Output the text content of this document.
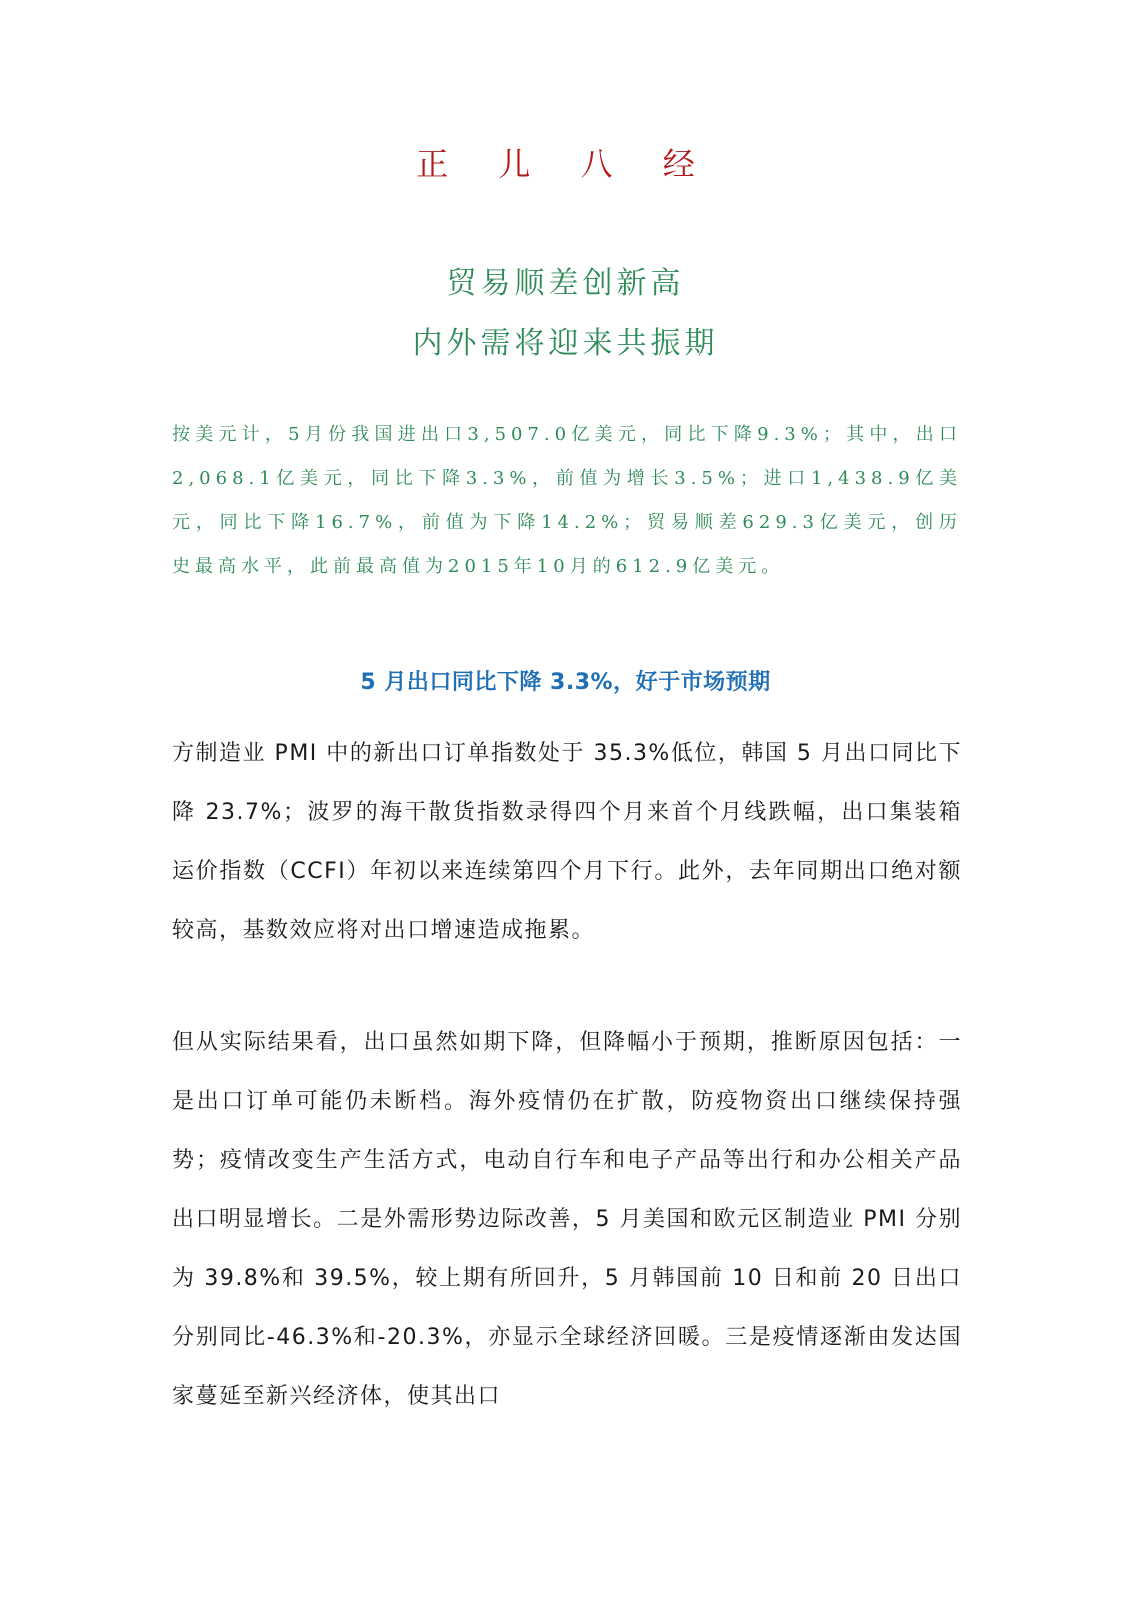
正 儿 八 经
贸易顺差创新高
内外需将迎来共振期
按美元计，5月份我国进出口3,507.0亿美元，同比下降9.3%；其中，出口2,068.1亿美元，同比下降3.3%，前值为增长3.5%；进口1,438.9亿美元，同比下降16.7%，前值为下降14.2%；贸易顺差629.3亿美元，创历史最高水平，此前最高值为2015年10月的612.9亿美元。
5 月出口同比下降 3.3%，好于市场预期
方制造业 PMI 中的新出口订单指数处于 35.3%低位，韩国 5 月出口同比下降 23.7%；波罗的海干散货指数录得四个月来首个月线跌幅，出口集装箱运价指数（CCFI）年初以来连续第四个月下行。此外，去年同期出口绝对额较高，基数效应将对出口增速造成拖累。
但从实际结果看，出口虽然如期下降，但降幅小于预期，推断原因包括：一是出口订单可能仍未断档。海外疫情仍在扩散，防疫物资出口继续保持强势；疫情改变生产生活方式，电动自行车和电子产品等出行和办公相关产品出口明显增长。二是外需形势边际改善，5 月美国和欧元区制造业 PMI 分别为 39.8%和 39.5%，较上期有所回升，5 月韩国前 10 日和前 20 日出口分别同比-46.3%和-20.3%，亦显示全球经济回暖。三是疫情逐渐由发达国家蔓延至新兴经济体，使其出口
